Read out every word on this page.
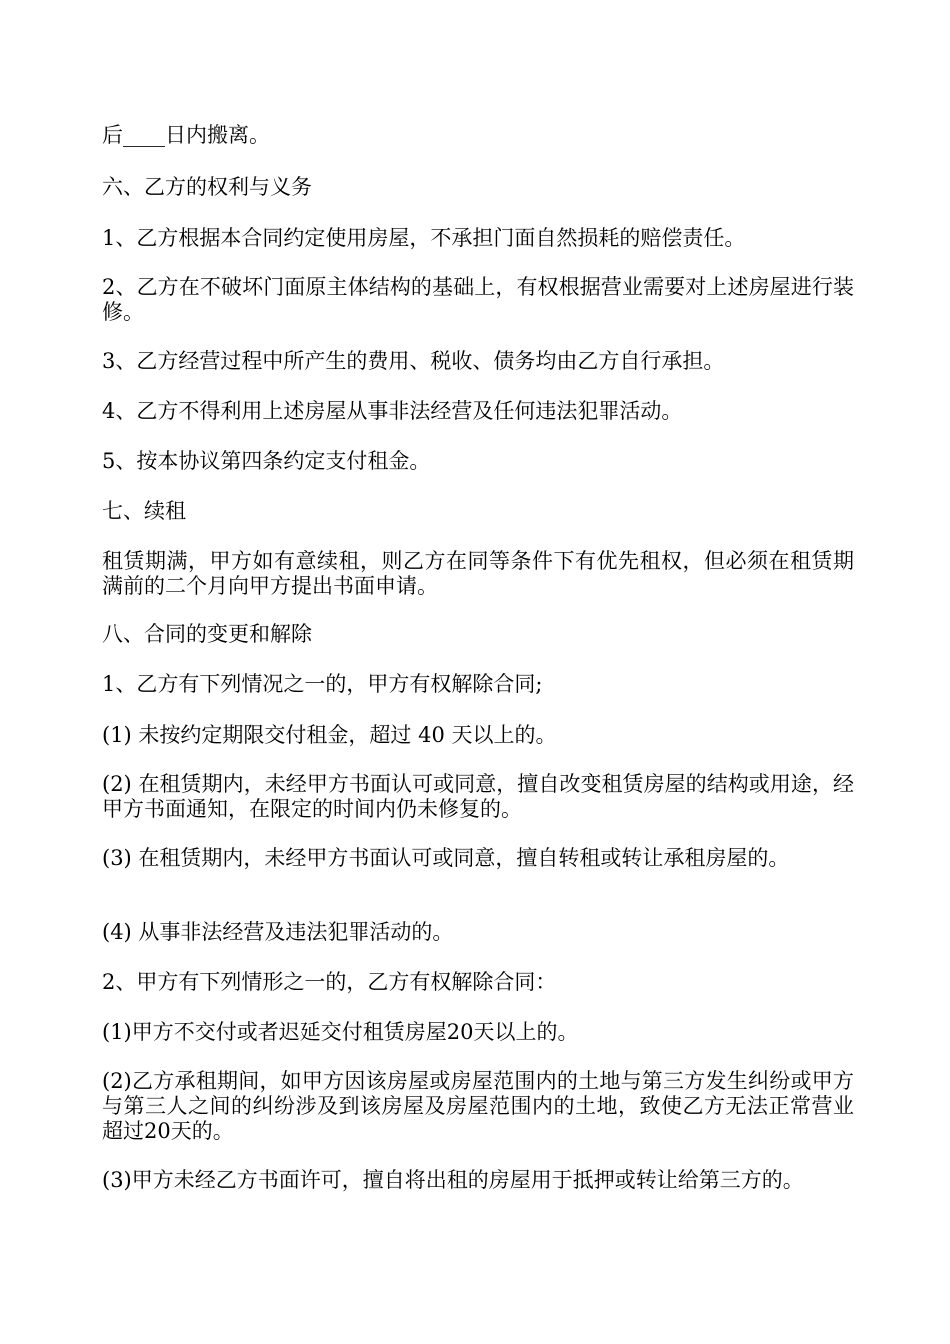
后____日内搬离。

六、乙方的权利与义务

1、乙方根据本合同约定使用房屋，不承担门面自然损耗的赔偿责任。

2、乙方在不破坏门面原主体结构的基础上，有权根据营业需要对上述房屋进行装修。

3、乙方经营过程中所产生的费用、税收、债务均由乙方自行承担。

4、乙方不得利用上述房屋从事非法经营及任何违法犯罪活动。

5、按本协议第四条约定支付租金。

七、续租

租赁期满，甲方如有意续租，则乙方在同等条件下有优先租权，但必须在租赁期满前的二个月向甲方提出书面申请。

八、合同的变更和解除

1、乙方有下列情况之一的，甲方有权解除合同;

(1) 未按约定期限交付租金，超过 40 天以上的。

(2) 在租赁期内，未经甲方书面认可或同意，擅自改变租赁房屋的结构或用途，经甲方书面通知，在限定的时间内仍未修复的。

(3) 在租赁期内，未经甲方书面认可或同意，擅自转租或转让承租房屋的。

(4) 从事非法经营及违法犯罪活动的。

2、甲方有下列情形之一的，乙方有权解除合同：

(1)甲方不交付或者迟延交付租赁房屋20天以上的。

(2)乙方承租期间，如甲方因该房屋或房屋范围内的土地与第三方发生纠纷或甲方与第三人之间的纠纷涉及到该房屋及房屋范围内的土地，致使乙方无法正常营业超过20天的。

(3)甲方未经乙方书面许可，擅自将出租的房屋用于抵押或转让给第三方的。
